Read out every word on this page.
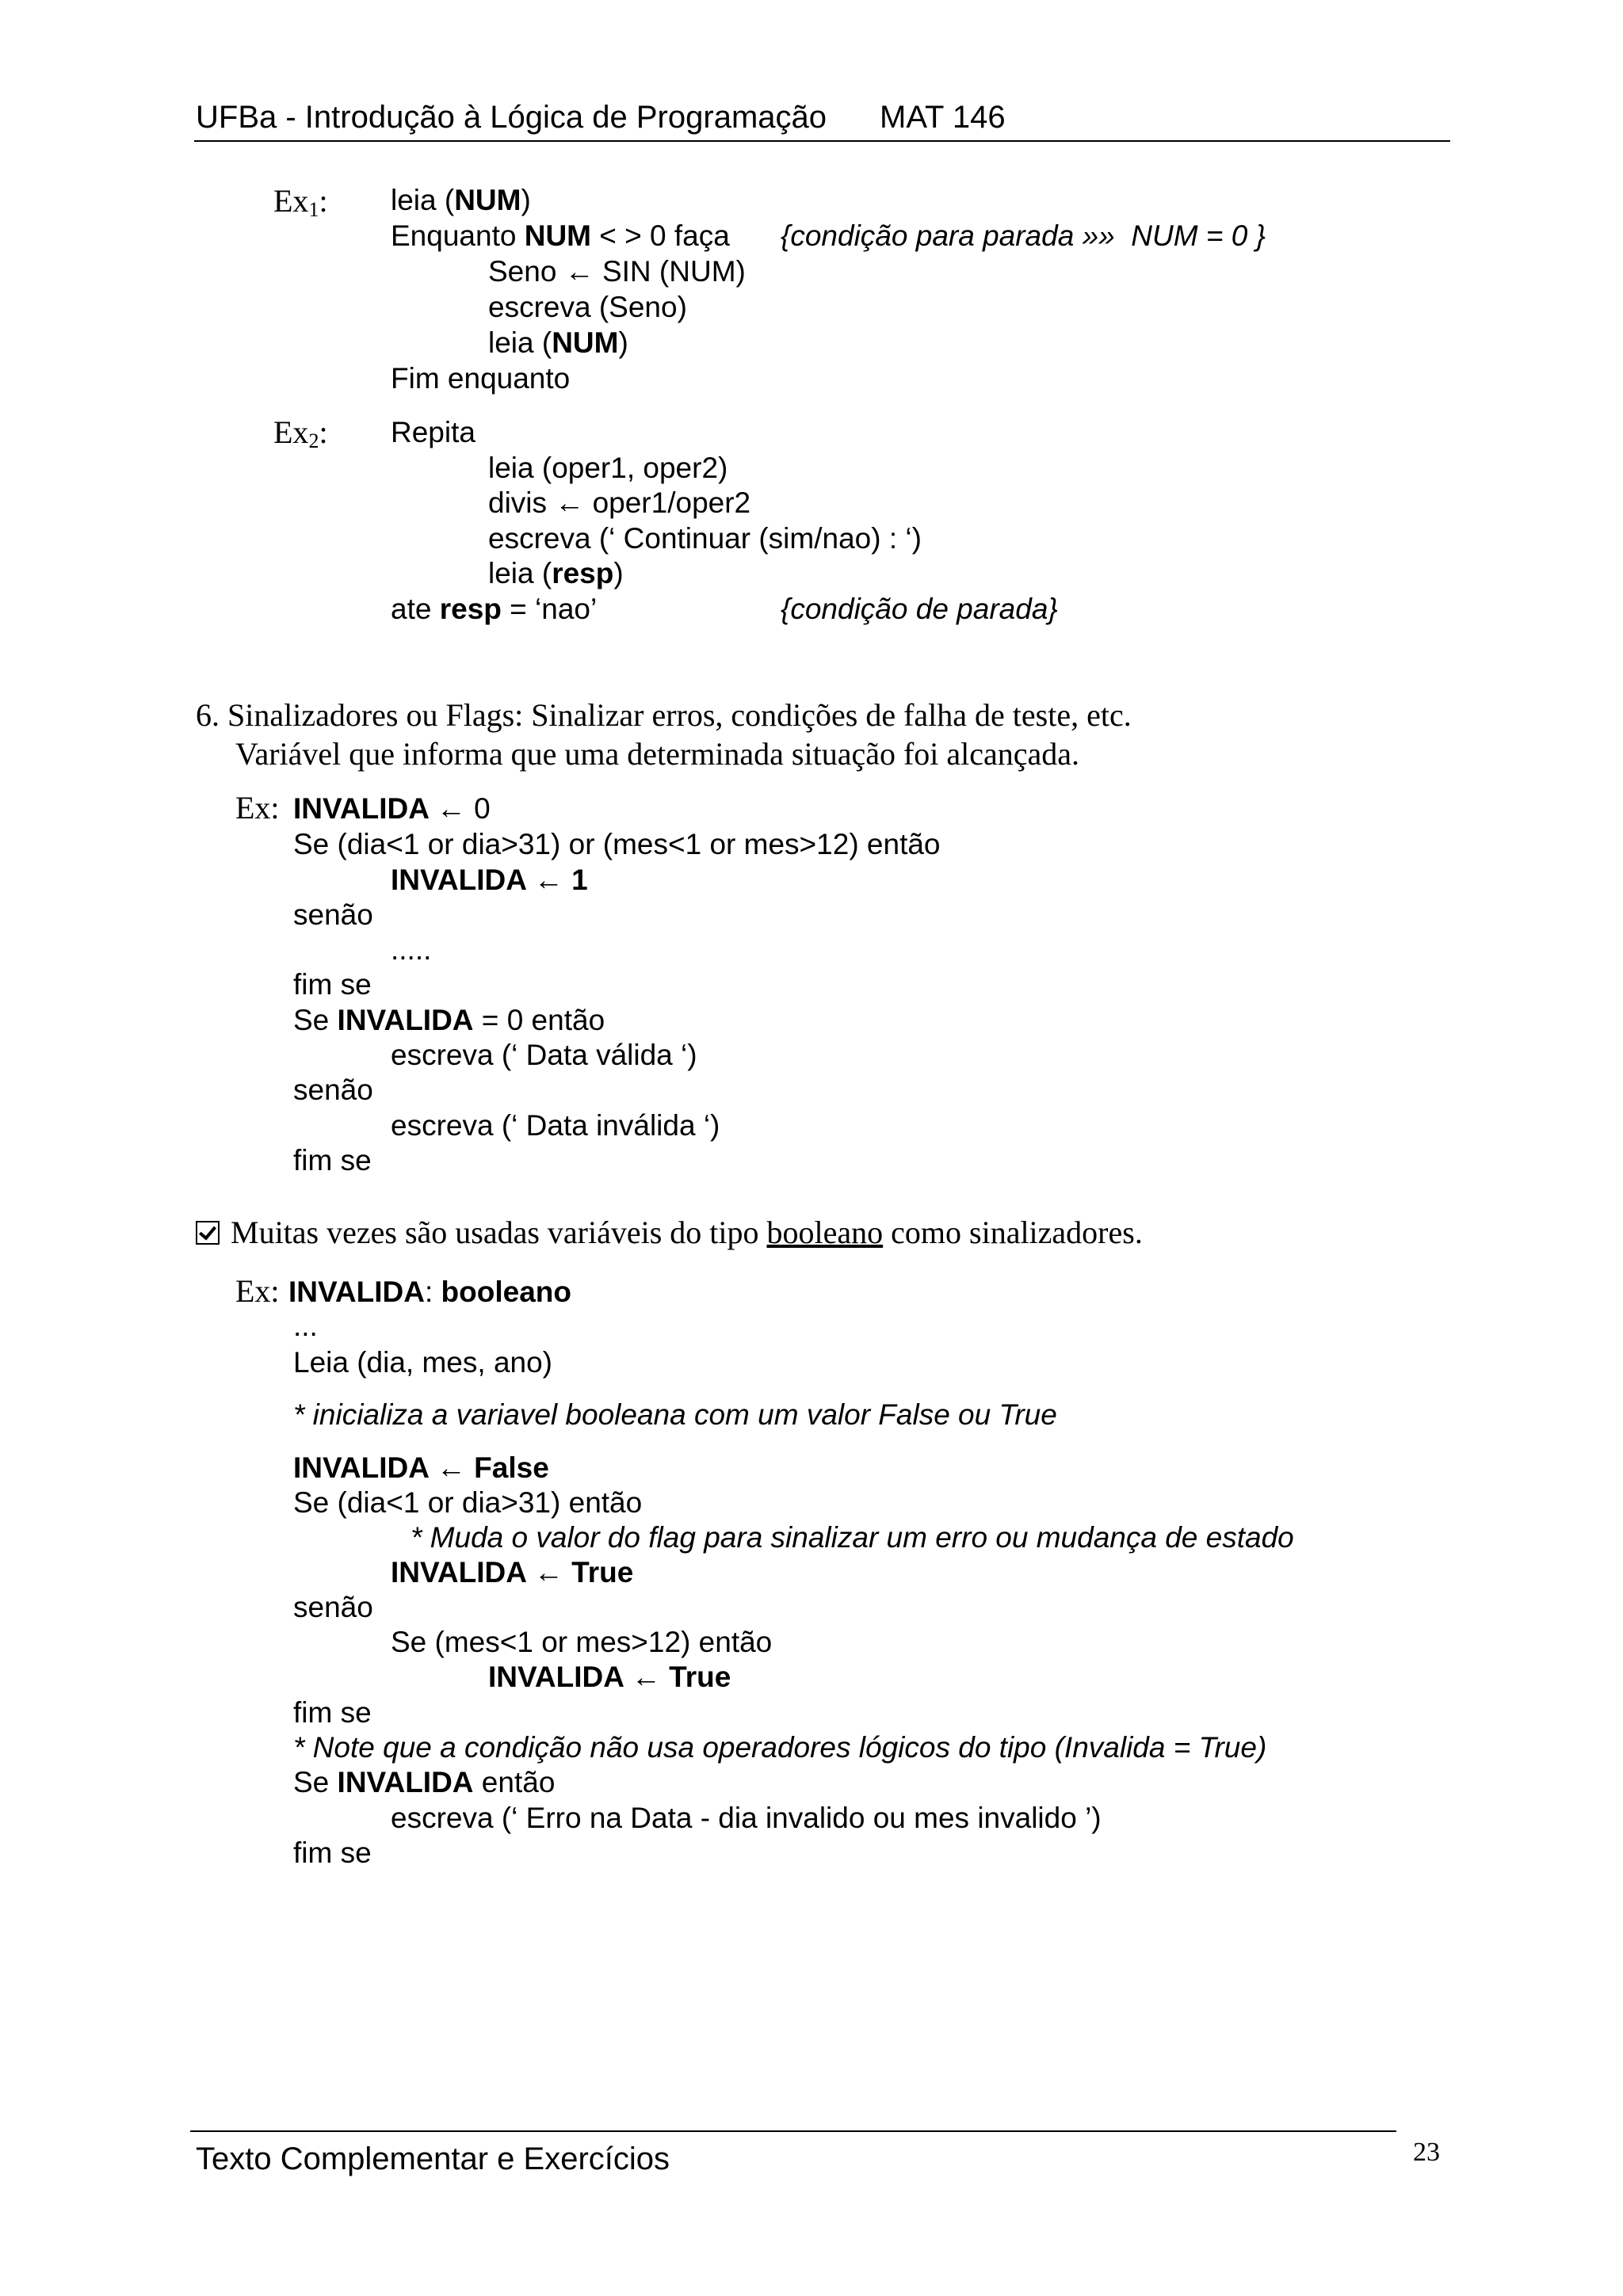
UFBa - Introdução à Lógica de Programação MAT 146
$Ex_1$: leia (NUM)
Enquanto NUM < > 0 faça {condição para parada »»  NUM = 0 }
Seno ← SIN (NUM)
escreva (Seno)
leia (NUM)
Fim enquanto
$Ex_2$: Repita
leia (oper1, oper2)
divis ← oper1/oper2
escreva (‘ Continuar (sim/nao) : ‘)
leia (resp)
ate resp = ‘nao’	{condição de parada}
6. Sinalizadores ou Flags: Sinalizar erros, condições de falha de teste, etc.
Variável que informa que uma determinada situação foi alcançada.
Ex: INVALIDA ← 0
Se (dia<1 or dia>31) or (mes<1 or mes>12) então
INVALIDA ← 1
senão
.....
fim se
Se INVALIDA = 0 então
escreva (‘ Data válida ‘)
senão
escreva (‘ Data inválida ‘)
fim se
Muitas vezes são usadas variáveis do tipo booleano como sinalizadores.
Ex: INVALIDA: booleano
...
Leia (dia, mes, ano)
* inicializa a variavel booleana com um valor False ou True
INVALIDA ← False
Se (dia<1 or dia>31) então
* Muda o valor do flag para sinalizar um erro ou mudança de estado
INVALIDA ← True
senão
Se (mes<1 or mes>12) então
INVALIDA ← True
fim se
* Note que a condição não usa operadores lógicos do tipo (Invalida = True)
Se INVALIDA então
escreva (‘ Erro na Data - dia invalido ou mes invalido ’)
fim se
Texto Complementar e Exercícios	23
